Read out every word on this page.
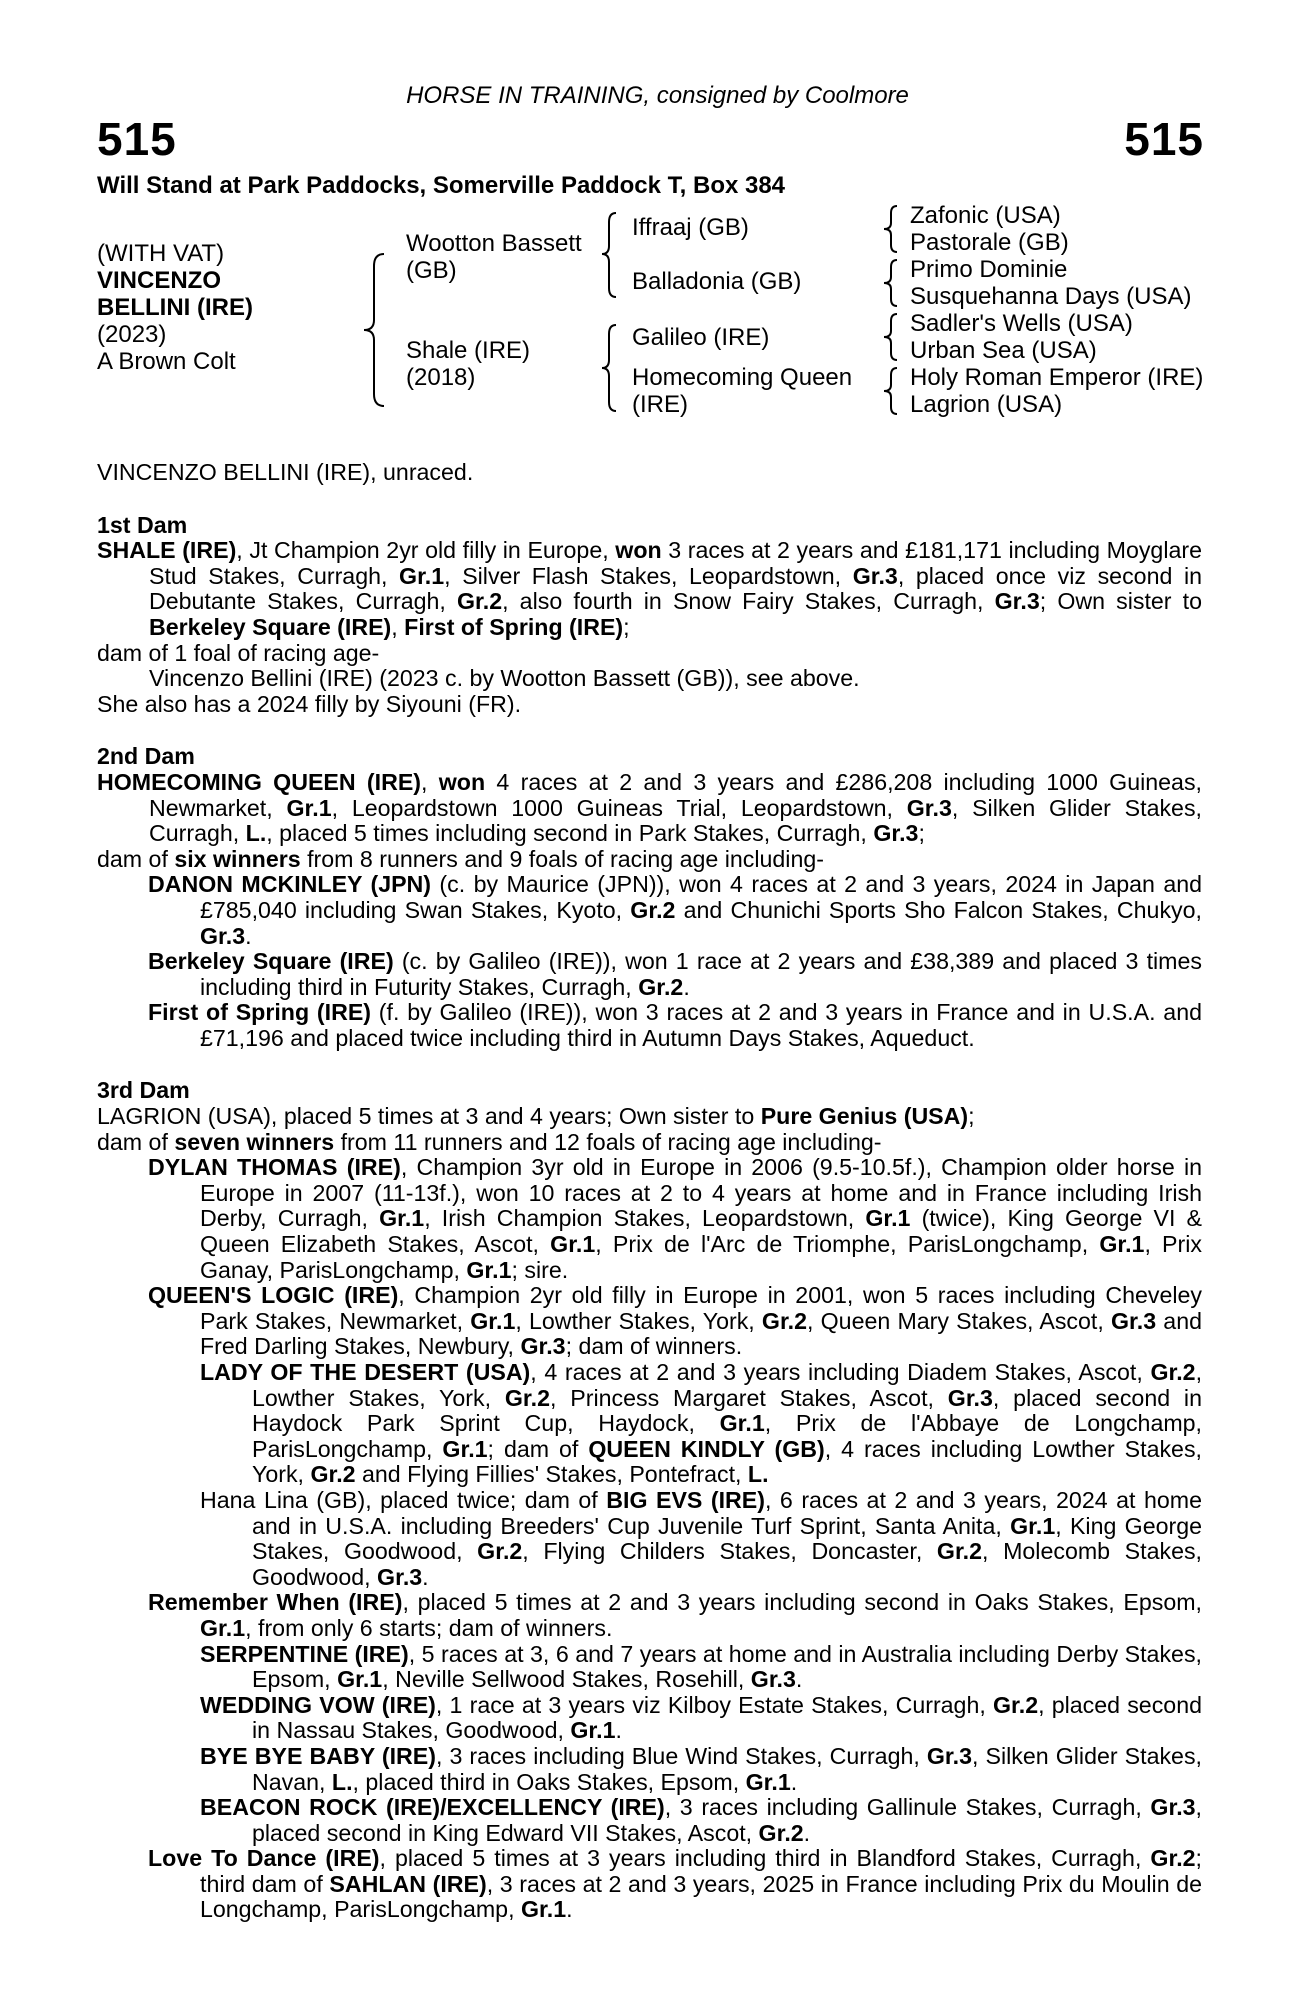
HORSE IN TRAINING, consigned by Coolmore
515	515
Will Stand at Park Paddocks, Somerville Paddock T, Box 384
(WITH VAT)
VINCENZO
BELLINI (IRE)
(2023)
A Brown Colt
Wootton Bassett
(GB)
Shale (IRE)
(2018)
Iffraaj (GB)
Balladonia (GB)
Galileo (IRE)
Homecoming Queen
(IRE)
Zafonic (USA)
Pastorale (GB)
Primo Dominie
Susquehanna Days (USA)
Sadler's Wells (USA)
Urban Sea (USA)
Holy Roman Emperor (IRE)
Lagrion (USA)

VINCENZO BELLINI (IRE), unraced.

1st Dam

SHALE (IRE), Jt Champion 2yr old filly in Europe, won 3 races at 2 years and £181,171 including Moyglare Stud Stakes, Curragh, Gr.1, Silver Flash Stakes, Leopardstown, Gr.3, placed once viz second in Debutante Stakes, Curragh, Gr.2, also fourth in Snow Fairy Stakes, Curragh, Gr.3; Own sister to Berkeley Square (IRE), First of Spring (IRE);

dam of 1 foal of racing age-

Vincenzo Bellini (IRE) (2023 c. by Wootton Bassett (GB)), see above.

She also has a 2024 filly by Siyouni (FR).

2nd Dam

HOMECOMING QUEEN (IRE), won 4 races at 2 and 3 years and £286,208 including 1000 Guineas, Newmarket, Gr.1, Leopardstown 1000 Guineas Trial, Leopardstown, Gr.3, Silken Glider Stakes, Curragh, L., placed 5 times including second in Park Stakes, Curragh, Gr.3;

dam of six winners from 8 runners and 9 foals of racing age including-

DANON MCKINLEY (JPN) (c. by Maurice (JPN)), won 4 races at 2 and 3 years, 2024 in Japan and £785,040 including Swan Stakes, Kyoto, Gr.2 and Chunichi Sports Sho Falcon Stakes, Chukyo, Gr.3.

Berkeley Square (IRE) (c. by Galileo (IRE)), won 1 race at 2 years and £38,389 and placed 3 times including third in Futurity Stakes, Curragh, Gr.2.

First of Spring (IRE) (f. by Galileo (IRE)), won 3 races at 2 and 3 years in France and in U.S.A. and £71,196 and placed twice including third in Autumn Days Stakes, Aqueduct.

3rd Dam

LAGRION (USA), placed 5 times at 3 and 4 years; Own sister to Pure Genius (USA);

dam of seven winners from 11 runners and 12 foals of racing age including-

DYLAN THOMAS (IRE), Champion 3yr old in Europe in 2006 (9.5-10.5f.), Champion older horse in Europe in 2007 (11-13f.), won 10 races at 2 to 4 years at home and in France including Irish Derby, Curragh, Gr.1, Irish Champion Stakes, Leopardstown, Gr.1 (twice), King George VI & Queen Elizabeth Stakes, Ascot, Gr.1, Prix de l'Arc de Triomphe, ParisLongchamp, Gr.1, Prix Ganay, ParisLongchamp, Gr.1; sire.

QUEEN'S LOGIC (IRE), Champion 2yr old filly in Europe in 2001, won 5 races including Cheveley Park Stakes, Newmarket, Gr.1, Lowther Stakes, York, Gr.2, Queen Mary Stakes, Ascot, Gr.3 and Fred Darling Stakes, Newbury, Gr.3; dam of winners.

LADY OF THE DESERT (USA), 4 races at 2 and 3 years including Diadem Stakes, Ascot, Gr.2, Lowther Stakes, York, Gr.2, Princess Margaret Stakes, Ascot, Gr.3, placed second in Haydock Park Sprint Cup, Haydock, Gr.1, Prix de l'Abbaye de Longchamp, ParisLongchamp, Gr.1; dam of QUEEN KINDLY (GB), 4 races including Lowther Stakes, York, Gr.2 and Flying Fillies' Stakes, Pontefract, L.

Hana Lina (GB), placed twice; dam of BIG EVS (IRE), 6 races at 2 and 3 years, 2024 at home and in U.S.A. including Breeders' Cup Juvenile Turf Sprint, Santa Anita, Gr.1, King George Stakes, Goodwood, Gr.2, Flying Childers Stakes, Doncaster, Gr.2, Molecomb Stakes, Goodwood, Gr.3.

Remember When (IRE), placed 5 times at 2 and 3 years including second in Oaks Stakes, Epsom, Gr.1, from only 6 starts; dam of winners.

SERPENTINE (IRE), 5 races at 3, 6 and 7 years at home and in Australia including Derby Stakes, Epsom, Gr.1, Neville Sellwood Stakes, Rosehill, Gr.3.

WEDDING VOW (IRE), 1 race at 3 years viz Kilboy Estate Stakes, Curragh, Gr.2, placed second in Nassau Stakes, Goodwood, Gr.1.

BYE BYE BABY (IRE), 3 races including Blue Wind Stakes, Curragh, Gr.3, Silken Glider Stakes, Navan, L., placed third in Oaks Stakes, Epsom, Gr.1.

BEACON ROCK (IRE)/EXCELLENCY (IRE), 3 races including Gallinule Stakes, Curragh, Gr.3, placed second in King Edward VII Stakes, Ascot, Gr.2.

Love To Dance (IRE), placed 5 times at 3 years including third in Blandford Stakes, Curragh, Gr.2; third dam of SAHLAN (IRE), 3 races at 2 and 3 years, 2025 in France including Prix du Moulin de Longchamp, ParisLongchamp, Gr.1.
